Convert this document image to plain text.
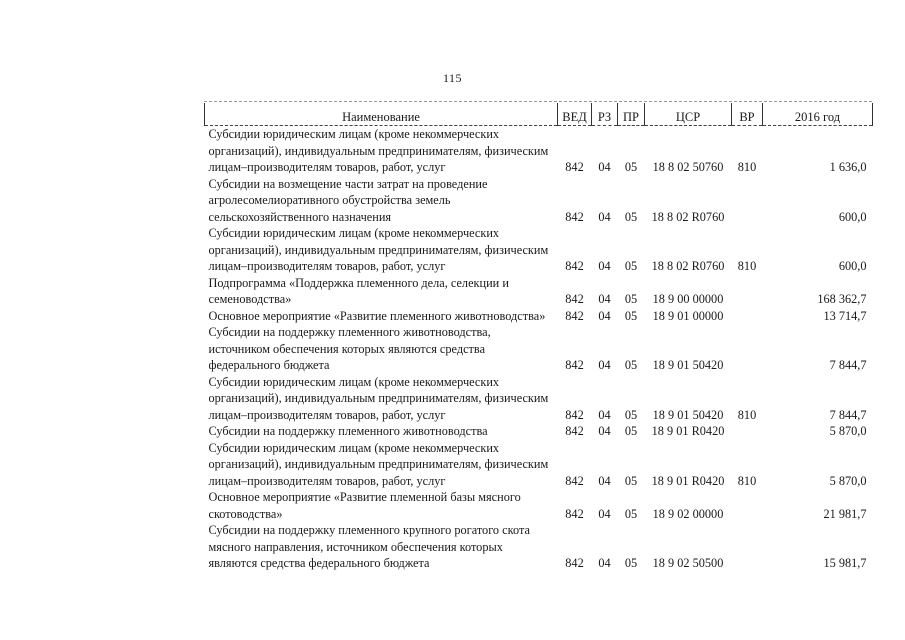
115
Наименование	ВЕД	РЗ	ПР	ЦСР	ВР	2016 год
Субсидии юридическим лицам (кроме некоммерческих организаций), индивидуальным предпринимателям, физическим лицам–производителям товаров, работ, услуг	842	04	05	18 8 02 50760	810	1 636,0
Субсидии на возмещение части затрат на проведение агролесомелиоративного обустройства земель сельскохозяйственного назначения	842	04	05	18 8 02 R0760		600,0
Субсидии юридическим лицам (кроме некоммерческих организаций), индивидуальным предпринимателям, физическим лицам–производителям товаров, работ, услуг	842	04	05	18 8 02 R0760	810	600,0
Подпрограмма «Поддержка племенного дела, селекции и семеноводства»	842	04	05	18 9 00 00000		168 362,7
Основное мероприятие «Развитие племенного животноводства»	842	04	05	18 9 01 00000		13 714,7
Субсидии на поддержку племенного животноводства, источником обеспечения которых являются средства федерального бюджета	842	04	05	18 9 01 50420		7 844,7
Субсидии юридическим лицам (кроме некоммерческих организаций), индивидуальным предпринимателям, физическим лицам–производителям товаров, работ, услуг	842	04	05	18 9 01 50420	810	7 844,7
Субсидии на поддержку племенного животноводства	842	04	05	18 9 01 R0420		5 870,0
Субсидии юридическим лицам (кроме некоммерческих организаций), индивидуальным предпринимателям, физическим лицам–производителям товаров, работ, услуг	842	04	05	18 9 01 R0420	810	5 870,0
Основное мероприятие «Развитие племенной базы мясного скотоводства»	842	04	05	18 9 02 00000		21 981,7
Субсидии на поддержку племенного крупного рогатого скота мясного направления, источником обеспечения которых являются средства федерального бюджета	842	04	05	18 9 02 50500		15 981,7
